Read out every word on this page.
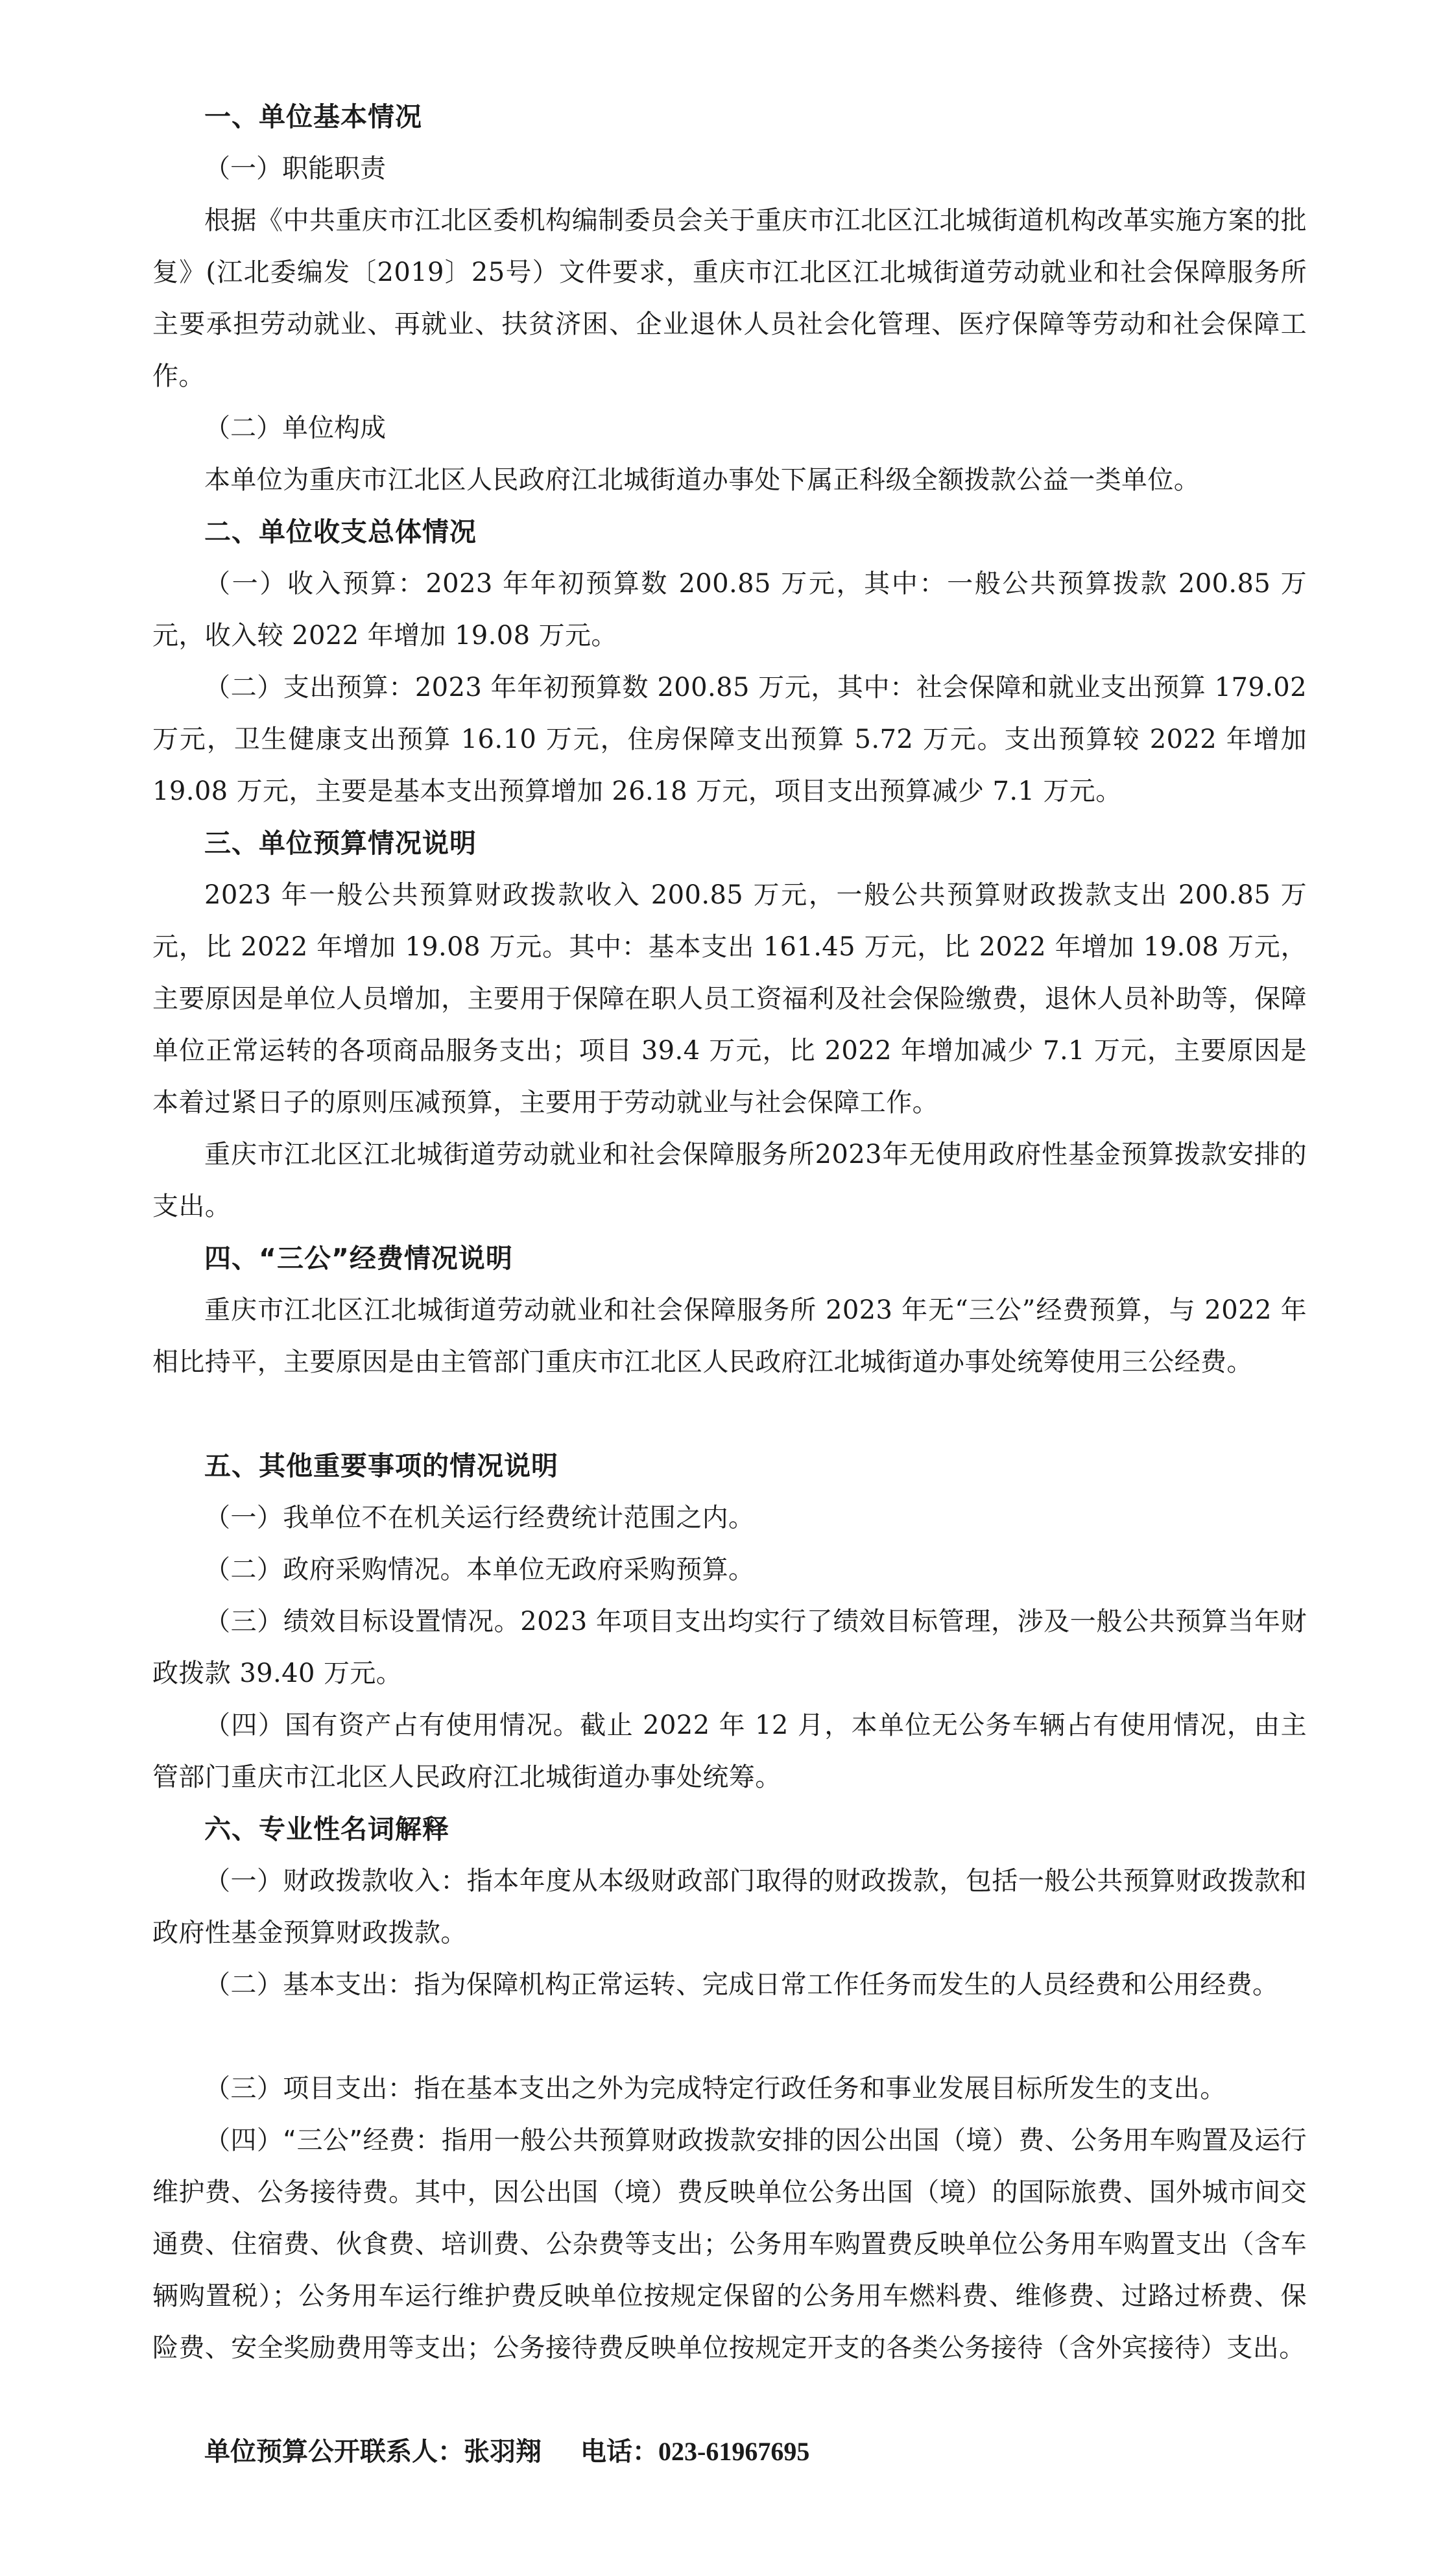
一、单位基本情况
（一）职能职责

根据《中共重庆市江北区委机构编制委员会关于重庆市江北区江北城街道机构改革实施方案的批复》(江北委编发〔2019〕25号）文件要求，重庆市江北区江北城街道劳动就业和社会保障服务所主要承担劳动就业、再就业、扶贫济困、企业退休人员社会化管理、医疗保障等劳动和社会保障工作。

（二）单位构成

本单位为重庆市江北区人民政府江北城街道办事处下属正科级全额拨款公益一类单位。

二、单位收支总体情况

（一）收入预算：2023 年年初预算数 200.85 万元，其中：一般公共预算拨款 200.85 万元，收入较 2022 年增加 19.08 万元。

（二）支出预算：2023 年年初预算数 200.85 万元，其中：社会保障和就业支出预算 179.02 万元，卫生健康支出预算 16.10 万元，住房保障支出预算 5.72 万元。支出预算较 2022 年增加 19.08 万元，主要是基本支出预算增加 26.18 万元，项目支出预算减少 7.1 万元。

三、单位预算情况说明

2023 年一般公共预算财政拨款收入 200.85 万元，一般公共预算财政拨款支出 200.85 万元，比 2022 年增加 19.08 万元。其中：基本支出 161.45 万元，比 2022 年增加 19.08 万元，主要原因是单位人员增加，主要用于保障在职人员工资福利及社会保险缴费，退休人员补助等，保障单位正常运转的各项商品服务支出；项目 39.4 万元，比 2022 年增加减少 7.1 万元，主要原因是本着过紧日子的原则压减预算，主要用于劳动就业与社会保障工作。

重庆市江北区江北城街道劳动就业和社会保障服务所2023年无使用政府性基金预算拨款安排的支出。

四、“三公”经费情况说明

重庆市江北区江北城街道劳动就业和社会保障服务所 2023 年无“三公”经费预算，与 2022 年相比持平，主要原因是由主管部门重庆市江北区人民政府江北城街道办事处统筹使用三公经费。

五、其他重要事项的情况说明

（一）我单位不在机关运行经费统计范围之内。

（二）政府采购情况。本单位无政府采购预算。

（三）绩效目标设置情况。2023 年项目支出均实行了绩效目标管理，涉及一般公共预算当年财政拨款 39.40 万元。

（四）国有资产占有使用情况。截止 2022 年 12 月，本单位无公务车辆占有使用情况，由主管部门重庆市江北区人民政府江北城街道办事处统筹。

六、专业性名词解释

（一）财政拨款收入：指本年度从本级财政部门取得的财政拨款，包括一般公共预算财政拨款和政府性基金预算财政拨款。

（二）基本支出：指为保障机构正常运转、完成日常工作任务而发生的人员经费和公用经费。

（三）项目支出：指在基本支出之外为完成特定行政任务和事业发展目标所发生的支出。

（四）“三公”经费：指用一般公共预算财政拨款安排的因公出国（境）费、公务用车购置及运行维护费、公务接待费。其中，因公出国（境）费反映单位公务出国（境）的国际旅费、国外城市间交通费、住宿费、伙食费、培训费、公杂费等支出；公务用车购置费反映单位公务用车购置支出（含车辆购置税）；公务用车运行维护费反映单位按规定保留的公务用车燃料费、维修费、过路过桥费、保险费、安全奖励费用等支出；公务接待费反映单位按规定开支的各类公务接待（含外宾接待）支出。

单位预算公开联系人：张羽翔 电话：023-61967695
